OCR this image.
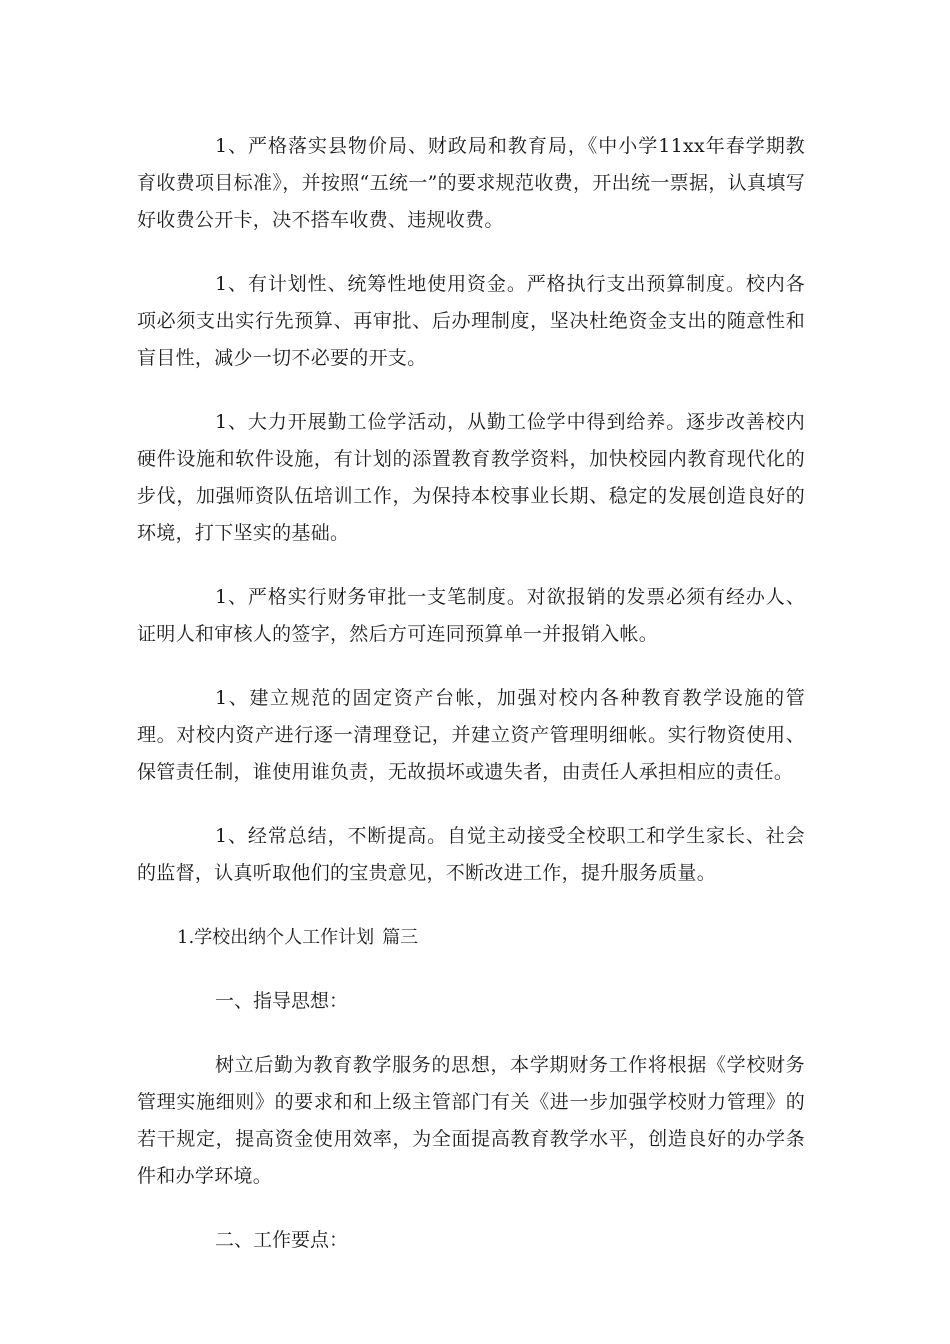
1、严格落实县物价局、财政局和教育局，《中小学11xx年春学期教育收费项目标准》，并按照“五统一”的要求规范收费，开出统一票据，认真填写好收费公开卡，决不搭车收费、违规收费。

1、有计划性、统筹性地使用资金。严格执行支出预算制度。校内各项必须支出实行先预算、再审批、后办理制度，坚决杜绝资金支出的随意性和盲目性，减少一切不必要的开支。

1、大力开展勤工俭学活动，从勤工俭学中得到给养。逐步改善校内硬件设施和软件设施，有计划的添置教育教学资料，加快校园内教育现代化的步伐，加强师资队伍培训工作，为保持本校事业长期、稳定的发展创造良好的环境，打下坚实的基础。

1、严格实行财务审批一支笔制度。对欲报销的发票必须有经办人、证明人和审核人的签字，然后方可连同预算单一并报销入帐。

1、建立规范的固定资产台帐，加强对校内各种教育教学设施的管理。对校内资产进行逐一清理登记，并建立资产管理明细帐。实行物资使用、保管责任制，谁使用谁负责，无故损坏或遗失者，由责任人承担相应的责任。

1、经常总结，不断提高。自觉主动接受全校职工和学生家长、社会的监督，认真听取他们的宝贵意见，不断改进工作，提升服务质量。

1.学校出纳个人工作计划 篇三
一、指导思想：

树立后勤为教育教学服务的思想，本学期财务工作将根据《学校财务管理实施细则》的要求和和上级主管部门有关《进一步加强学校财力管理》的若干规定，提高资金使用效率，为全面提高教育教学水平，创造良好的办学条件和办学环境。

二、工作要点：
